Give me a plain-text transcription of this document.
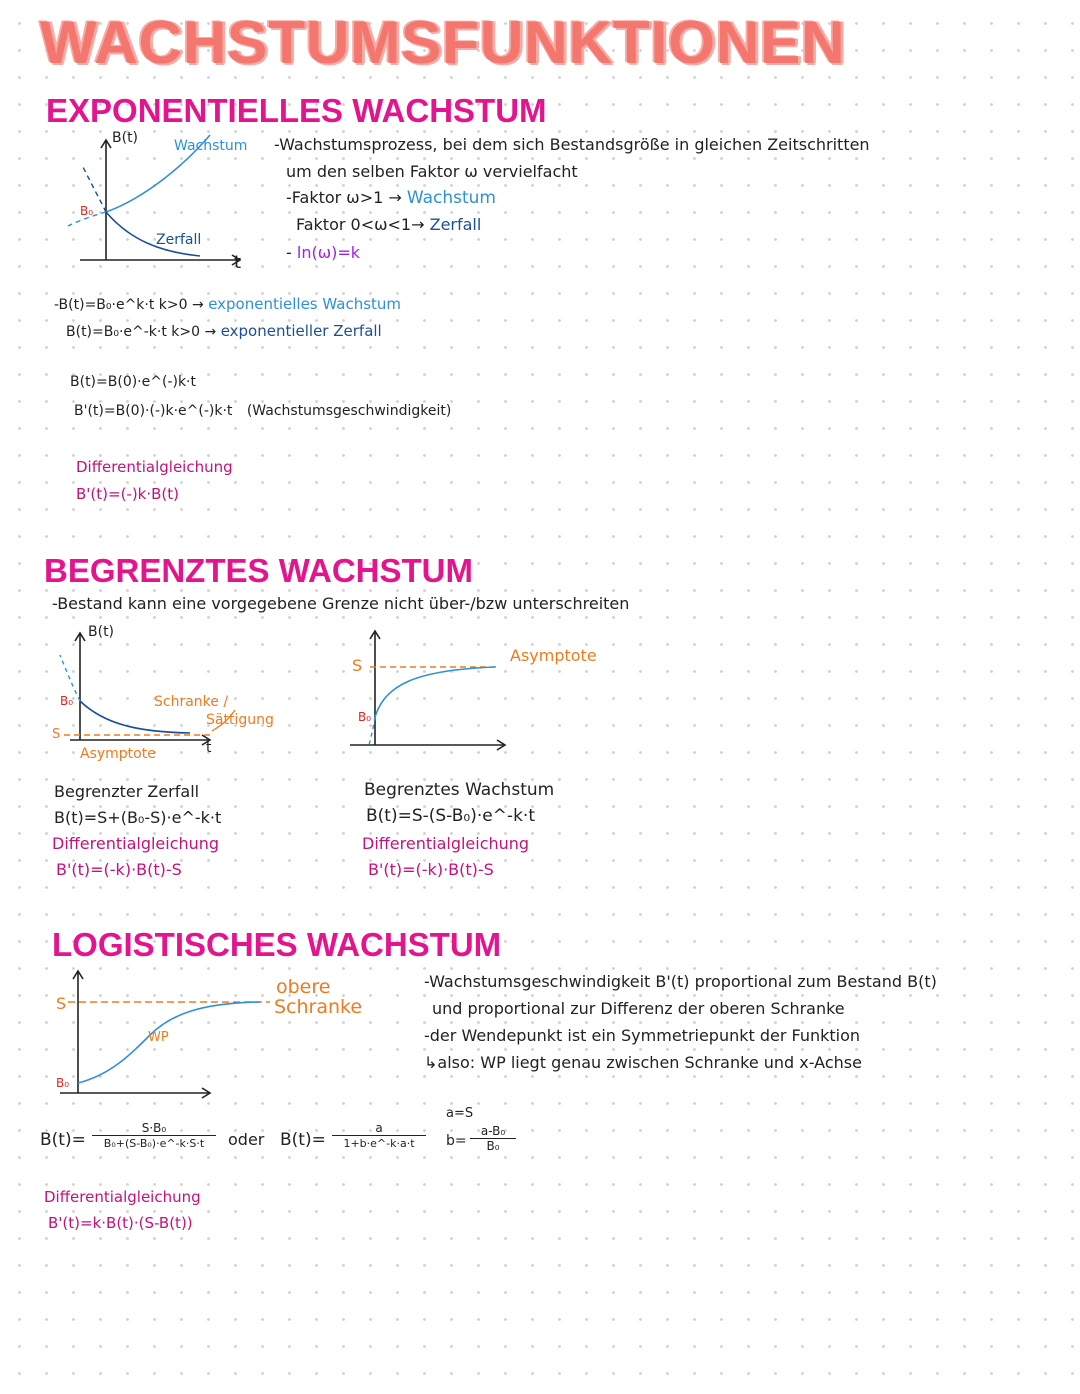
WACHSTUMSFUNKTIONEN
EXPONENTIELLES WACHSTUM
B(t)
t
B₀
Wachstum
Zerfall
-Wachstumsprozess, bei dem sich Bestandsgröße in gleichen Zeitschritten
um den selben Faktor ω vervielfacht
-Faktor ω>1 → Wachstum
Faktor 0<ω<1→ Zerfall
- ln(ω)=k
-B(t)=B₀·e^k·t k>0 → exponentielles Wachstum
B(t)=B₀·e^-k·t k>0 → exponentieller Zerfall
B(t)=B(0)·e^(-)k·t
B'(t)=B(0)·(-)k·e^(-)k·t (Wachstumsgeschwindigkeit)
Differentialgleichung
B'(t)=(-)k·B(t)
BEGRENZTES WACHSTUM
-Bestand kann eine vorgegebene Grenze nicht über-/bzw unterschreiten
B(t)
t
B₀
S
Schranke /
Sättigung
Asymptote
S
B₀
Asymptote
Begrenzter Zerfall
B(t)=S+(B₀-S)·e^-k·t
Differentialgleichung
B'(t)=(-k)·B(t)-S
Begrenztes Wachstum
B(t)=S-(S-B₀)·e^-k·t
Differentialgleichung
B'(t)=(-k)·B(t)-S
LOGISTISCHES WACHSTUM
S
B₀
WP
obere
Schranke
-Wachstumsgeschwindigkeit B'(t) proportional zum Bestand B(t)
und proportional zur Differenz der oberen Schranke
-der Wendepunkt ist ein Symmetriepunkt der Funktion
↳also: WP liegt genau zwischen Schranke und x-Achse
$B(t)= \frac{\text{S·B₀}}{\text{B₀+(S-B₀)·e\textasciicircum{}-k·S·t}}$ oder $B(t)= \frac{a}{1+b\cdot e\^{}-k\cdot a\cdot t}$
a=S
$b= \frac{\text{a-B₀}}{\text{B₀}}$
Differentialgleichung
B'(t)=k·B(t)·(S-B(t))
